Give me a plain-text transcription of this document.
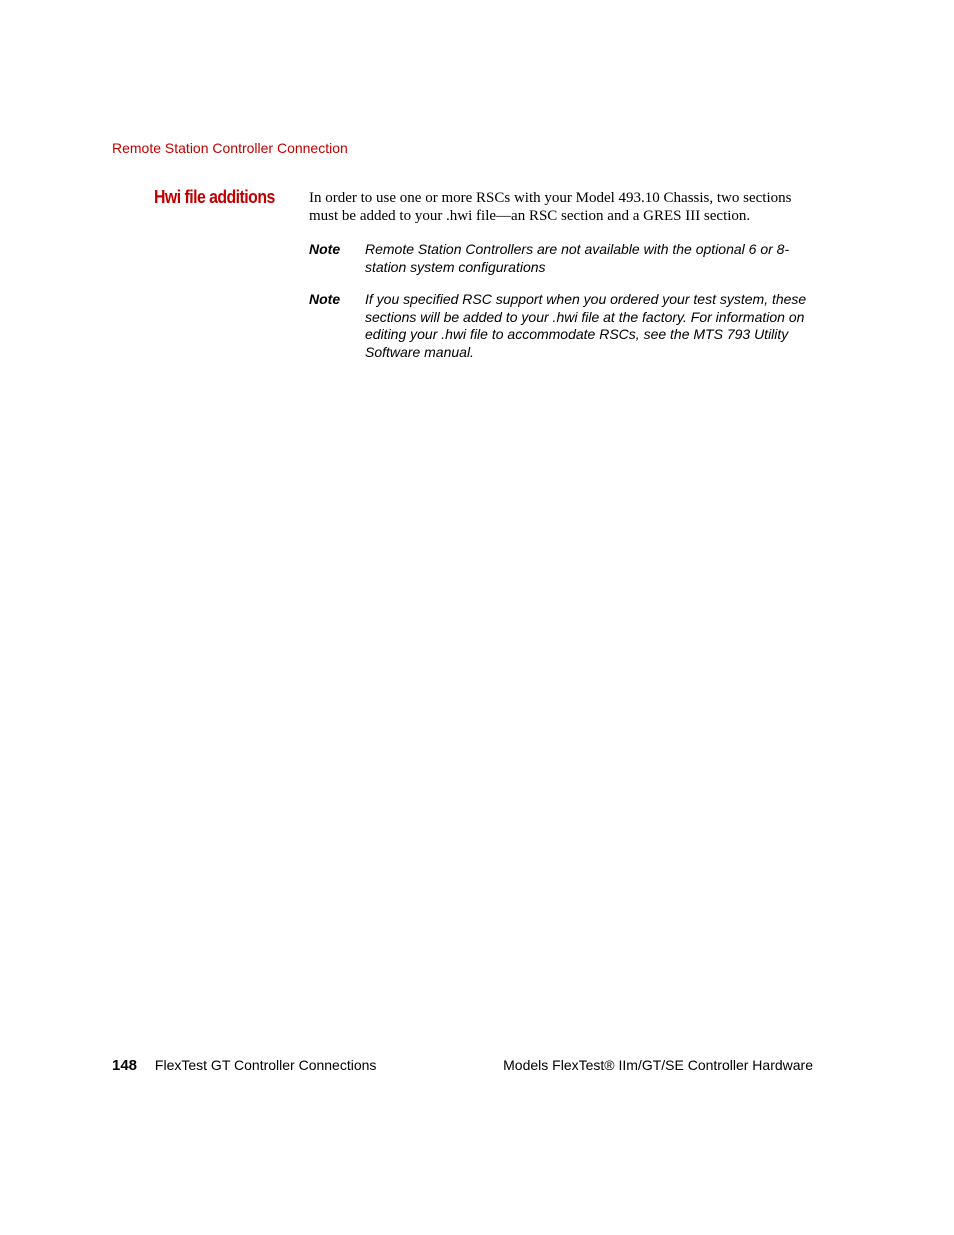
Remote Station Controller Connection
Hwi file additions In order to use one or more RSCs with your Model 493.10 Chassis, two sections must be added to your .hwi file—an RSC section and a GRES III section.

Note Remote Station Controllers are not available with the optional 6 or 8-station system configurations
Note If you specified RSC support when you ordered your test system, these sections will be added to your .hwi file at the factory. For information on editing your .hwi file to accommodate RSCs, see the MTS 793 Utility Software manual.
148 FlexTest GT Controller Connections	Models FlexTest® IIm/GT/SE Controller Hardware
